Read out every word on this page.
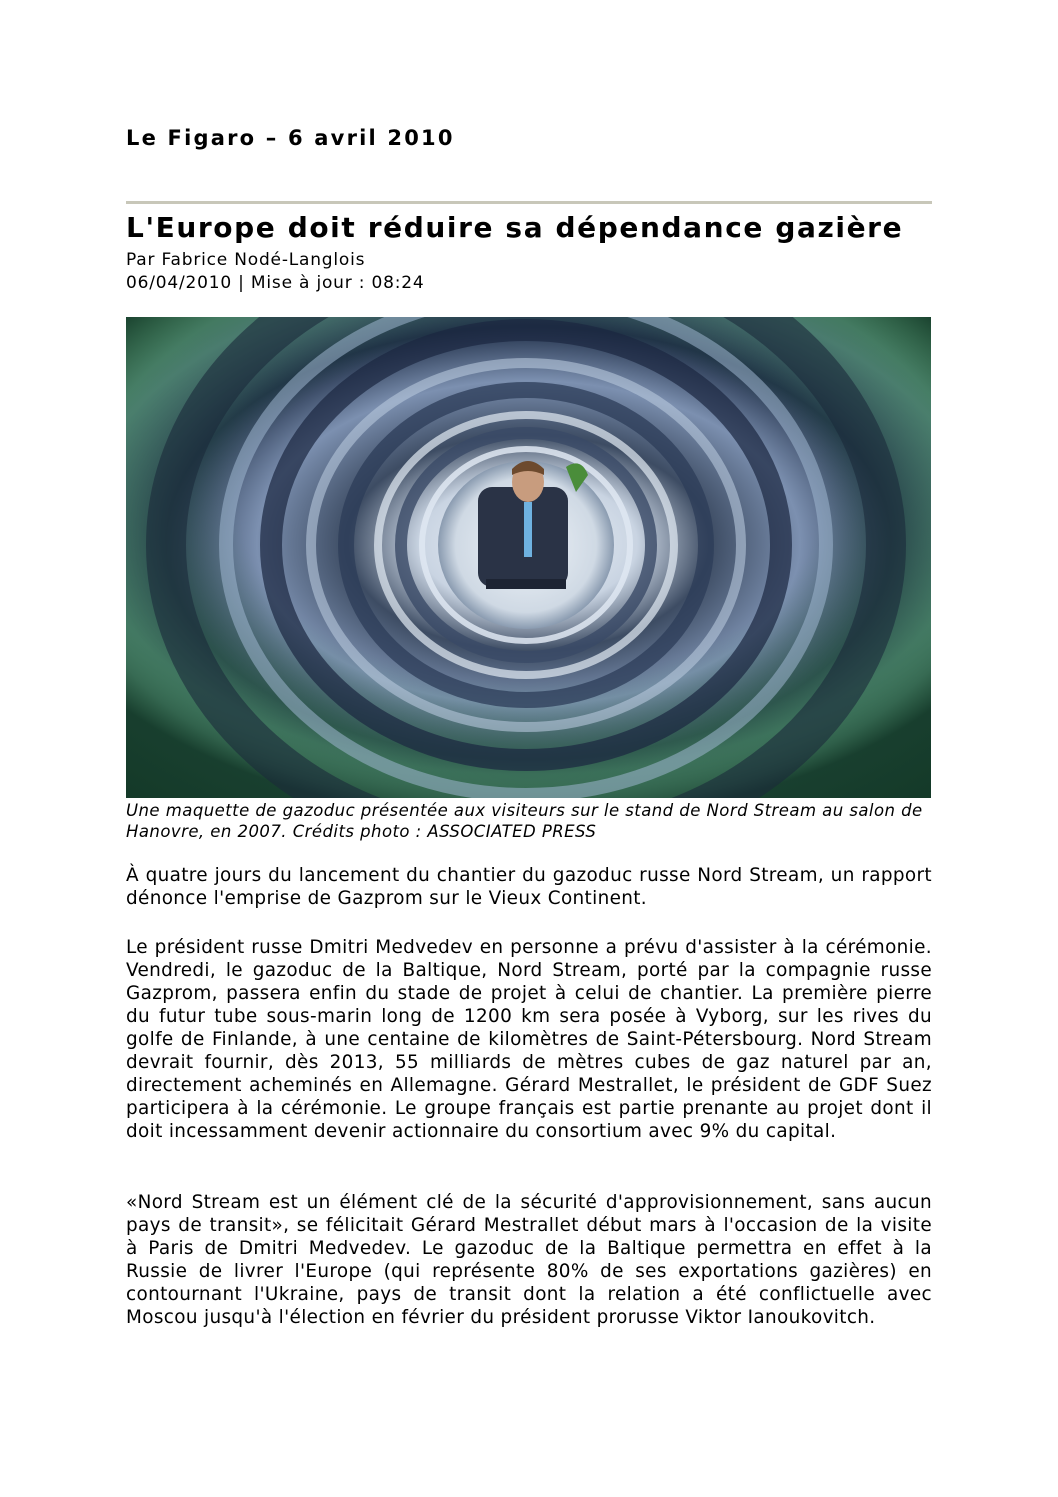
Le Figaro – 6 avril 2010
L'Europe doit réduire sa dépendance gazière
Par Fabrice Nodé-Langlois
06/04/2010 | Mise à jour : 08:24

Une maquette de gazoduc présentée aux visiteurs sur le stand de Nord Stream au salon de Hanovre, en 2007. Crédits photo : ASSOCIATED PRESS

À quatre jours du lancement du chantier du gazoduc russe Nord Stream, un rapport dénonce l'emprise de Gazprom sur le Vieux Continent.

Le président russe Dmitri Medvedev en personne a prévu d'assister à la cérémonie. Vendredi, le gazoduc de la Baltique, Nord Stream, porté par la compagnie russe Gazprom, passera enfin du stade de projet à celui de chantier. La première pierre du futur tube sous-marin long de 1200 km sera posée à Vyborg, sur les rives du golfe de Finlande, à une centaine de kilomètres de Saint-Pétersbourg. Nord Stream devrait fournir, dès 2013, 55 milliards de mètres cubes de gaz naturel par an, directement acheminés en Allemagne. Gérard Mestrallet, le président de GDF Suez participera à la cérémonie. Le groupe français est partie prenante au projet dont il doit incessamment devenir actionnaire du consortium avec 9% du capital.

«Nord Stream est un élément clé de la sécurité d'approvisionnement, sans aucun pays de transit», se félicitait Gérard Mestrallet début mars à l'occasion de la visite à Paris de Dmitri Medvedev. Le gazoduc de la Baltique permettra en effet à la Russie de livrer l'Europe (qui représente 80% de ses exportations gazières) en contournant l'Ukraine, pays de transit dont la relation a été conflictuelle avec Moscou jusqu'à l'élection en février du président prorusse Viktor Ianoukovitch.
